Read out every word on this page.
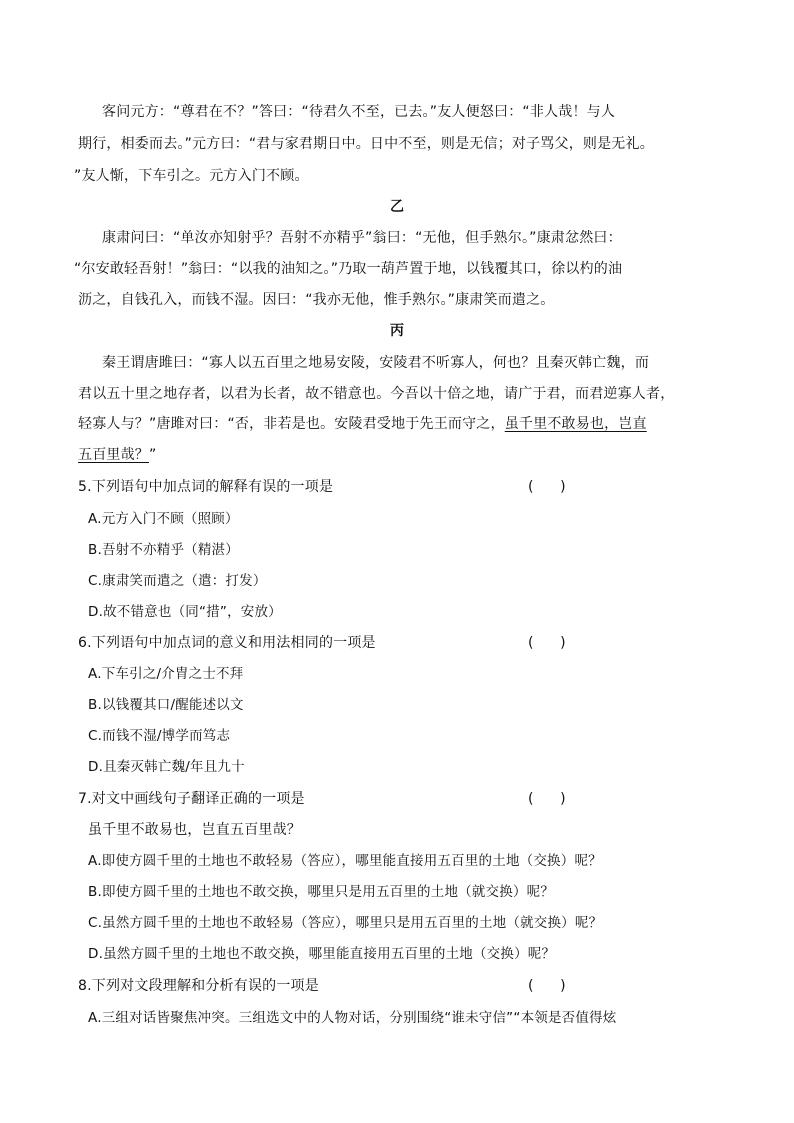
客问元方：“尊君在不？”答曰：“待君久不至，已去。”友人便怒曰：“非人哉！与人
期行，相委而去。”元方曰：“君与家君期日中。日中不至，则是无信；对子骂父，则是无礼。
”友人惭，下车引之。元方入门不顾。
乙
康肃问曰：“单汝亦知射乎？吾射不亦精乎”翁曰：“无他，但手熟尔。”康肃忿然曰：
“尔安敢轻吾射！”翁曰：“以我的油知之。”乃取一葫芦置于地，以钱覆其口，徐以杓的油
沥之，自钱孔入，而钱不湿。因曰：“我亦无他，惟手熟尔。”康肃笑而遣之。
丙
秦王谓唐雎曰：“寡人以五百里之地易安陵，安陵君不听寡人，何也？且秦灭韩亡魏，而
君以五十里之地存者，以君为长者，故不错意也。今吾以十倍之地，请广于君，而君逆寡人者，
轻寡人与？”唐雎对曰：“否，非若是也。安陵君受地于先王而守之，虽千里不敢易也，岂直
五百里哉？”
5.下列语句中加点词的解释有误的一项是	(      )
A.元方入门不顾（照顾）
B.吾射不亦精乎（精湛）
C.康肃笑而遣之（遣：打发）
D.故不错意也（同“措”，安放）
6.下列语句中加点词的意义和用法相同的一项是	(      )
A.下车引之/介胄之士不拜
B.以钱覆其口/醒能述以文
C.而钱不湿/博学而笃志
D.且秦灭韩亡魏/年且九十
7.对文中画线句子翻译正确的一项是	(      )
虽千里不敢易也，岂直五百里哉？
A.即使方圆千里的土地也不敢轻易（答应），哪里能直接用五百里的土地（交换）呢？
B.即使方圆千里的土地也不敢交换，哪里只是用五百里的土地（就交换）呢？
C.虽然方圆千里的土地也不敢轻易（答应），哪里只是用五百里的土地（就交换）呢？
D.虽然方圆千里的土地也不敢交换，哪里能直接用五百里的土地（交换）呢？
8.下列对文段理解和分析有误的一项是	(      )
A.三组对话皆聚焦冲突。三组选文中的人物对话，分别围绕“谁未守信”“本领是否值得炫
